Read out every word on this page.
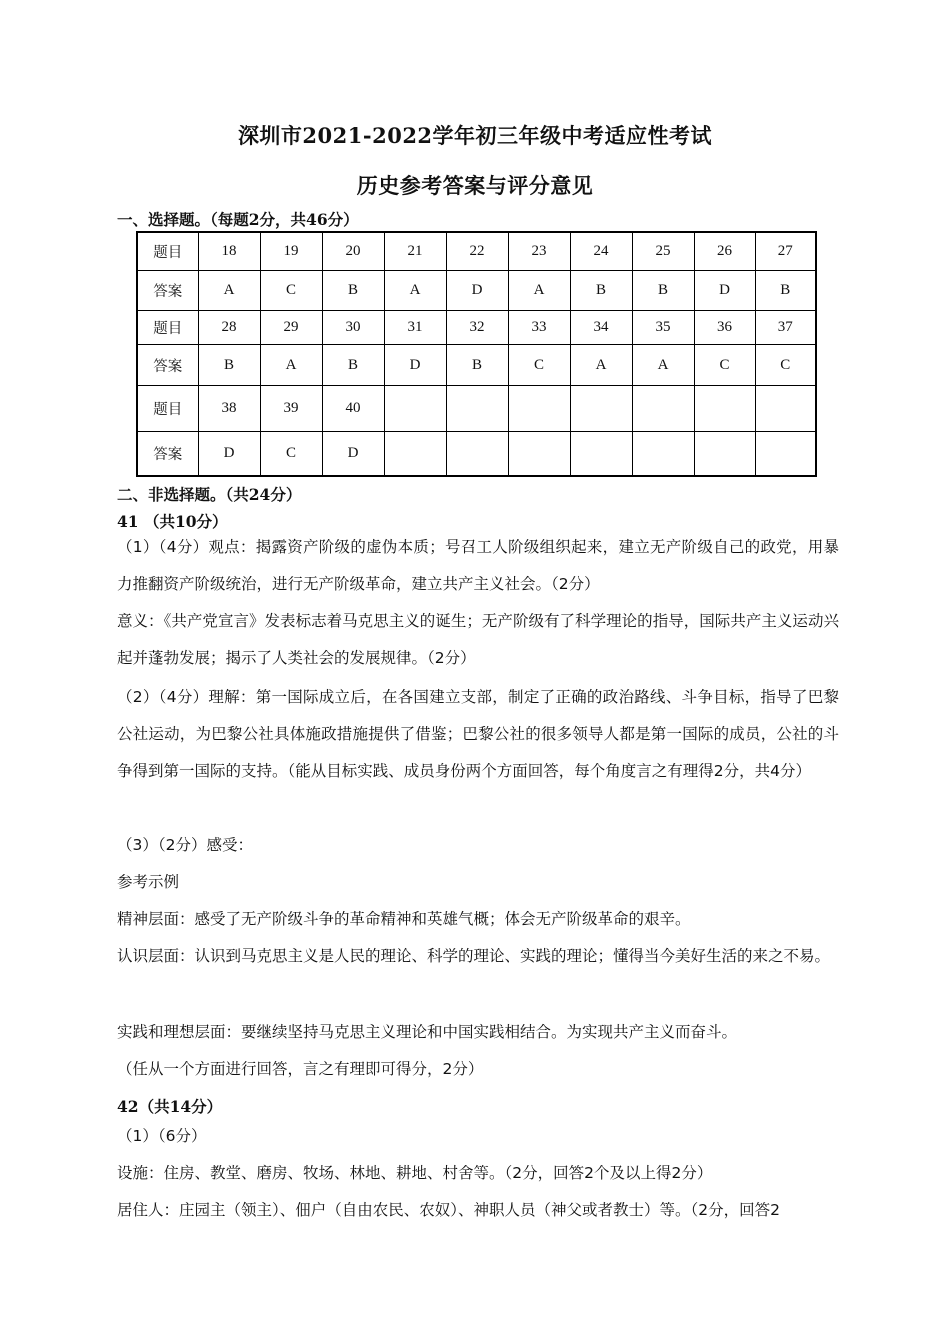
深圳市2021-2022学年初三年级中考适应性考试
历史参考答案与评分意见
一、选择题。（每题2分，共46分）
题目	18	19	20	21	22	23	24	25	26	27
答案	A	C	B	A	D	A	B	B	D	B
题目	28	29	30	31	32	33	34	35	36	37
答案	B	A	B	D	B	C	A	A	C	C
题目	38	39	40							
答案	D	C	D							
二、非选择题。（共24分）
41 （共10分）
（1）（4分）观点：揭露资产阶级的虚伪本质；号召工人阶级组织起来，建立无产阶级自己的政党，用暴力推翻资产阶级统治，进行无产阶级革命，建立共产主义社会。（2分）
意义：《共产党宣言》发表标志着马克思主义的诞生；无产阶级有了科学理论的指导，国际共产主义运动兴起并蓬勃发展；揭示了人类社会的发展规律。（2分）
（2）（4分）理解：第一国际成立后，在各国建立支部，制定了正确的政治路线、斗争目标，指导了巴黎公社运动，为巴黎公社具体施政措施提供了借鉴；巴黎公社的很多领导人都是第一国际的成员，公社的斗争得到第一国际的支持。（能从目标实践、成员身份两个方面回答，每个角度言之有理得2分，共4分）
（3）（2分）感受：
参考示例
精神层面：感受了无产阶级斗争的革命精神和英雄气概；体会无产阶级革命的艰辛。
认识层面：认识到马克思主义是人民的理论、科学的理论、实践的理论；懂得当今美好生活的来之不易。
实践和理想层面：要继续坚持马克思主义理论和中国实践相结合。为实现共产主义而奋斗。
（任从一个方面进行回答，言之有理即可得分，2分）
42（共14分）
（1）（6分）
设施：住房、教堂、磨房、牧场、林地、耕地、村舍等。（2分，回答2个及以上得2分）
居住人：庄园主（领主）、佃户（自由农民、农奴）、神职人员（神父或者教士）等。（2分，回答2
